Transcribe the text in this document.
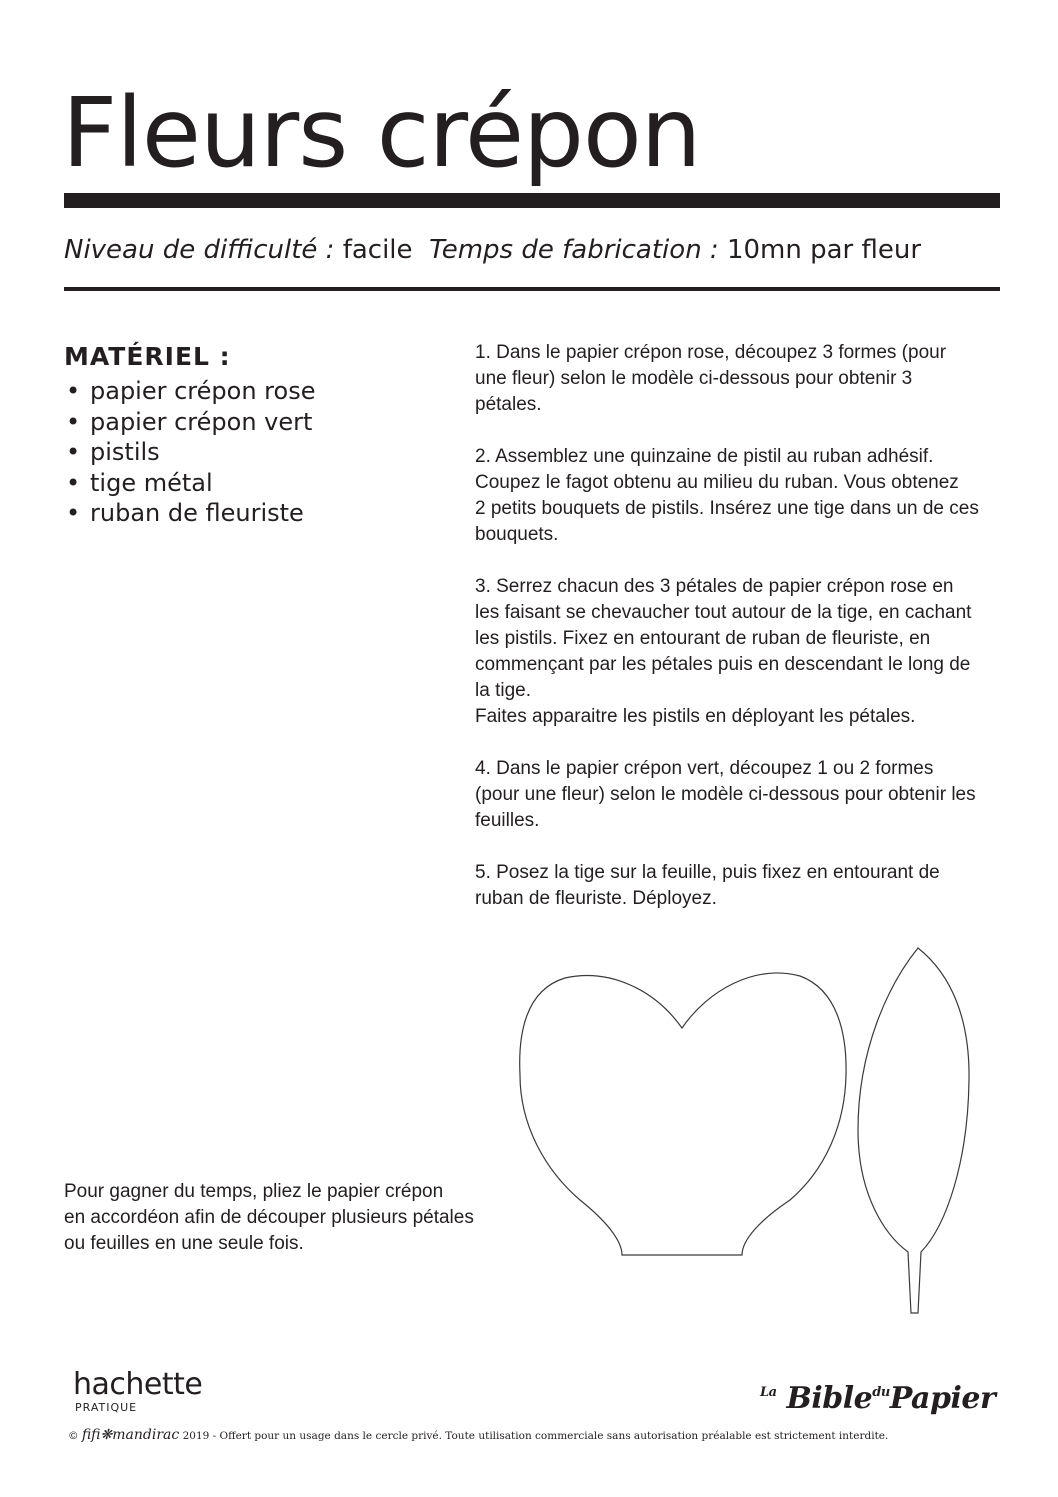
Fleurs crépon
Niveau de difficulté : facile Temps de fabrication : 10mn par fleur
MATÉRIEL :
• papier crépon rose
• papier crépon vert
• pistils
• tige métal
• ruban de fleuriste

1. Dans le papier crépon rose, découpez 3 formes (pour
une fleur) selon le modèle ci-dessous pour obtenir 3
pétales.

2. Assemblez une quinzaine de pistil au ruban adhésif.
Coupez le fagot obtenu au milieu du ruban. Vous obtenez
2 petits bouquets de pistils. Insérez une tige dans un de ces
bouquets.

3. Serrez chacun des 3 pétales de papier crépon rose en
les faisant se chevaucher tout autour de la tige, en cachant
les pistils. Fixez en entourant de ruban de fleuriste, en
commençant par les pétales puis en descendant le long de
la tige.
Faites apparaitre les pistils en déployant les pétales.

4. Dans le papier crépon vert, découpez 1 ou 2 formes
(pour une fleur) selon le modèle ci-dessous pour obtenir les
feuilles.

5. Posez la tige sur la feuille, puis fixez en entourant de
ruban de fleuriste. Déployez.

Pour gagner du temps, pliez le papier crépon
en accordéon afin de découper plusieurs pétales
ou feuilles en une seule fois.
hachette
PRATIQUE
$^{La}$ Bible$^{du}$Papier
© fifi❋mandirac 2019 - Offert pour un usage dans le cercle privé. Toute utilisation commerciale sans autorisation préalable est strictement interdite.
